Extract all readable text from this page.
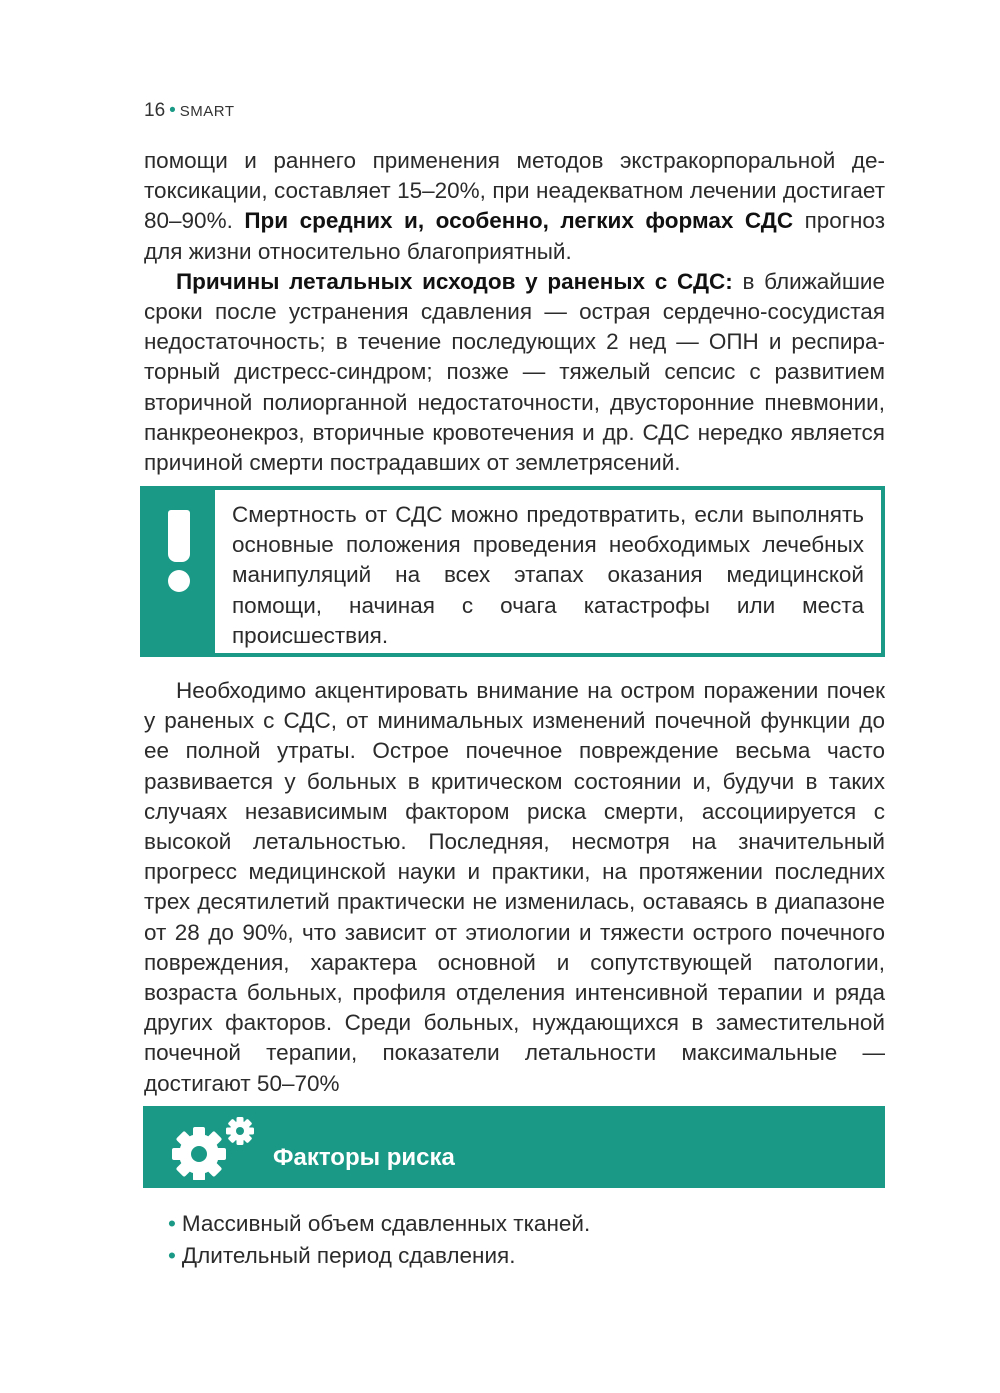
16 • SMART

помощи и раннего применения методов экстракорпоральной детоксикации, составляет 15–20%, при неадекватном лечении достигает 80–90%. При средних и, особенно, легких формах СДС прогноз для жизни относительно благоприятный.

Причины летальных исходов у раненых с СДС: в ближайшие сроки после устранения сдавления — острая сердечно-сосудистая недостаточность; в течение последующих 2 нед — ОПН и респираторный дистресс-синдром; позже — тяжелый сепсис с развитием вторичной полиорганной недостаточности, двусторонние пневмонии, панкреонекроз, вторичные кровотечения и др. СДС нередко является причиной смерти пострадавших от землетрясений.

Смертность от СДС можно предотвратить, если выполнять основные положения проведения необходимых лечебных манипуляций на всех этапах оказания медицинской помощи, начиная с очага катастрофы или места происшествия.

Необходимо акцентировать внимание на остром поражении почек у раненых с СДС, от минимальных изменений почечной функции до ее полной утраты. Острое почечное повреждение весьма часто развивается у больных в критическом состоянии и, будучи в таких случаях независимым фактором риска смерти, ассоциируется с высокой летальностью. Последняя, несмотря на значительный прогресс медицинской науки и практики, на протяжении последних трех десятилетий практически не изменилась, оставаясь в диапазоне от 28 до 90%, что зависит от этиологии и тяжести острого почечного повреждения, характера основной и сопутствующей патологии, возраста больных, профиля отделения интенсивной терапии и ряда других факторов. Среди больных, нуждающихся в заместительной почечной терапии, показатели летальности максимальные — достигают 50–70%

Факторы риска
• Массивный объем сдавленных тканей.
• Длительный период сдавления.
